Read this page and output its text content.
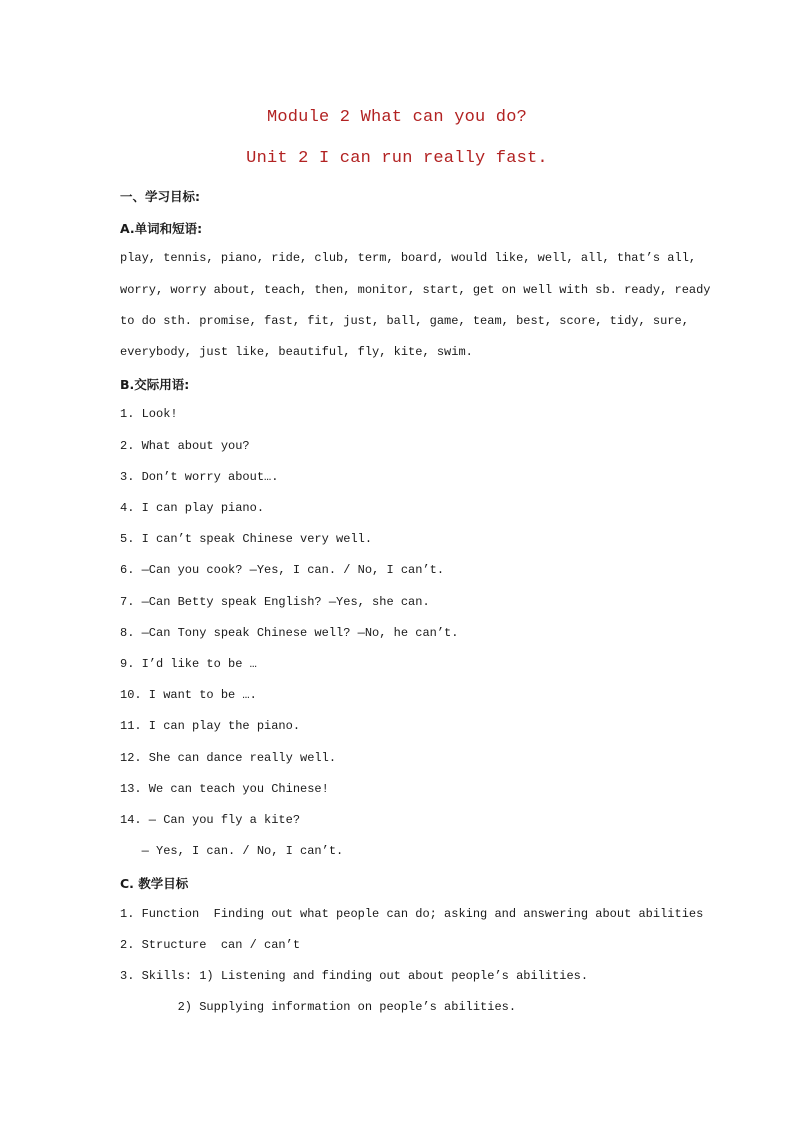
Module 2 What can you do?
Unit 2 I can run really fast.
一、学习目标:
A.单词和短语:
play, tennis, piano, ride, club, term, board, would like, well, all, that’s all,
worry, worry about, teach, then, monitor, start, get on well with sb. ready, ready
to do sth. promise, fast, fit, just, ball, game, team, best, score, tidy, sure,
everybody, just like, beautiful, fly, kite, swim.
B.交际用语:
1. Look!
2. What about you?
3. Don’t worry about….
4. I can play piano.
5. I can’t speak Chinese very well.
6. —Can you cook? —Yes, I can. / No, I can’t.
7. —Can Betty speak English? —Yes, she can.
8. —Can Tony speak Chinese well? —No, he can’t.
9. I’d like to be …
10. I want to be ….
11. I can play the piano.
12. She can dance really well.
13. We can teach you Chinese!
14. — Can you fly a kite?
— Yes, I can. / No, I can’t.
C. 教学目标
1. Function  Finding out what people can do; asking and answering about abilities
2. Structure  can / can’t
3. Skills: 1) Listening and finding out about people’s abilities.
2) Supplying information on people’s abilities.
